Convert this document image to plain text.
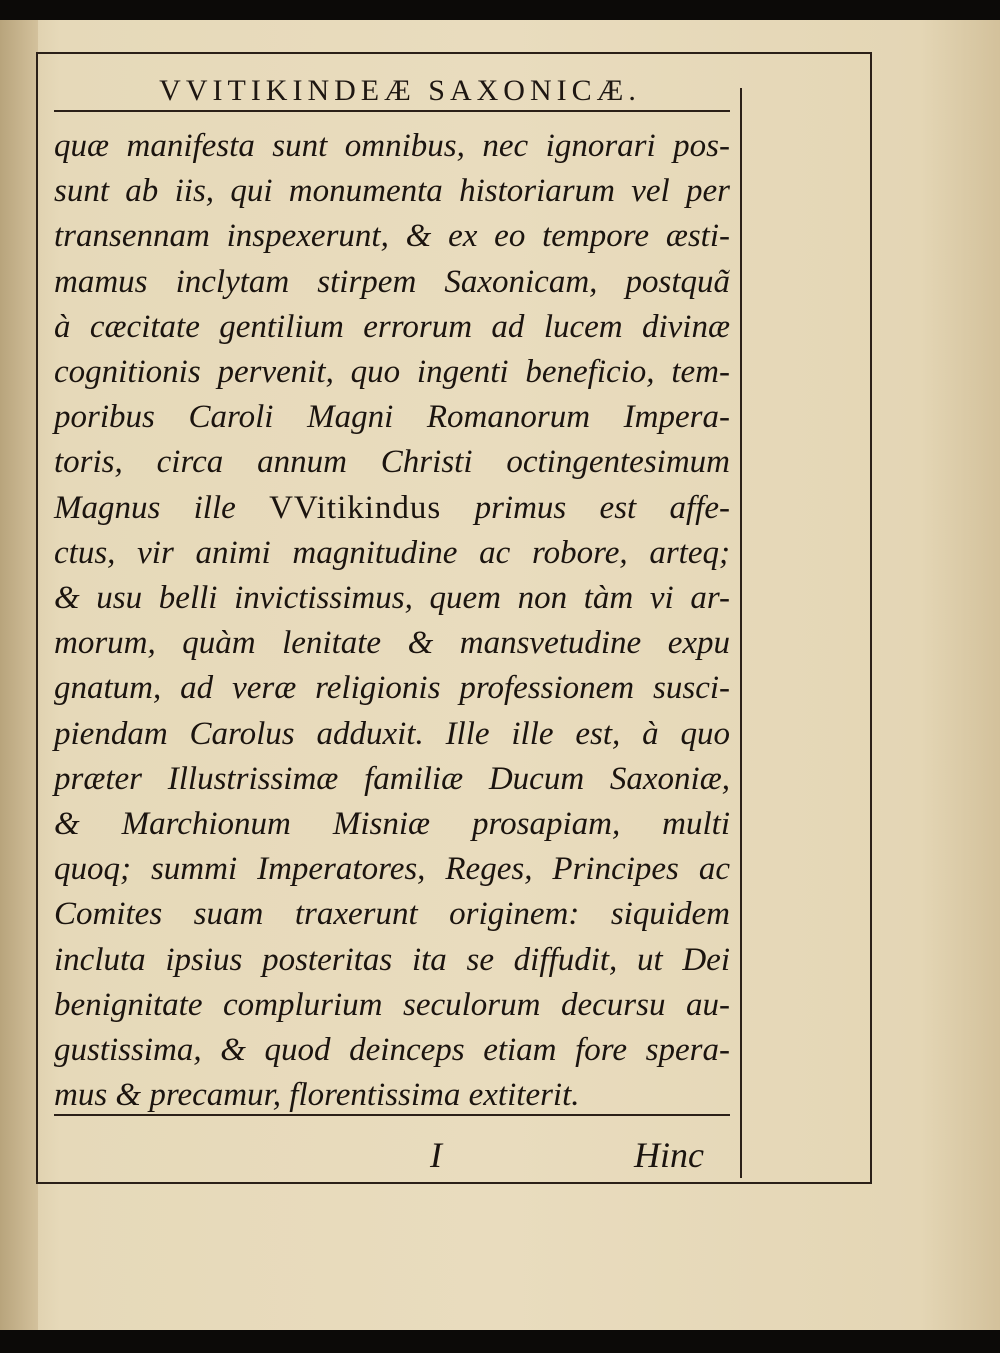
VVITIKINDEÆ SAXONICÆ.
quæ manifesta sunt omnibus, nec ignorari pos-
sunt ab iis, qui monumenta historiarum vel per
transennam inspexerunt, & ex eo tempore æsti-
mamus inclytam stirpem Saxonicam, postquã
à cæcitate gentilium errorum ad lucem divinæ
cognitionis pervenit, quo ingenti beneficio, tem-
poribus Caroli Magni Romanorum Impera-
toris, circa annum Christi octingentesimum
Magnus ille VVitikindus primus est affe-
ctus, vir animi magnitudine ac robore, arteq;
& usu belli invictissimus, quem non tàm vi ar-
morum, quàm lenitate & mansvetudine expu
gnatum, ad veræ religionis professionem susci-
piendam Carolus adduxit. Ille ille est, à quo
præter Illustrissimæ familiæ Ducum Saxoniæ,
& Marchionum Misniæ prosapiam, multi
quoq; summi Imperatores, Reges, Principes ac
Comites suam traxerunt originem: siquidem
incluta ipsius posteritas ita se diffudit, ut Dei
benignitate complurium seculorum decursu au-
gustissima, & quod deinceps etiam fore spera-
mus & precamur, florentissima extiterit.
I	Hinc
